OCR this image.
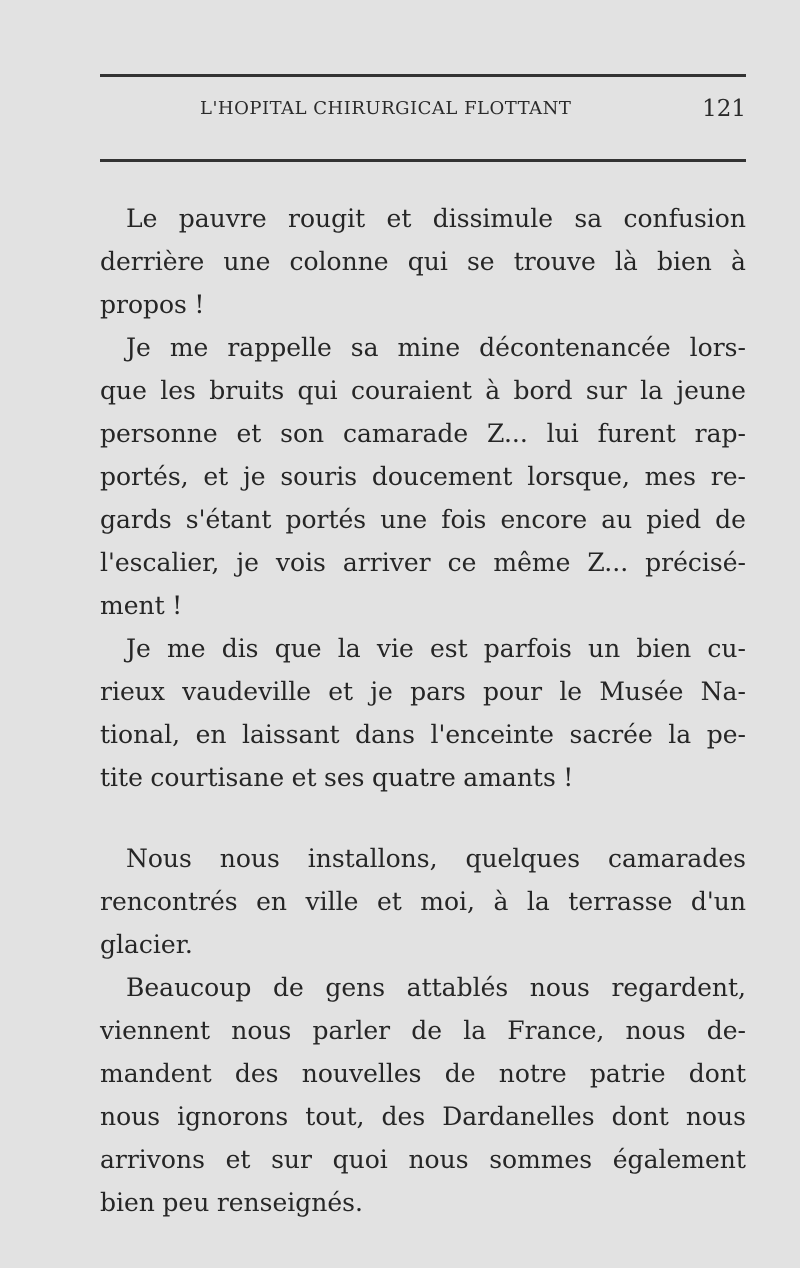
L'HOPITAL CHIRURGICAL FLOTTANT	121
Le pauvre rougit et dissimule sa confusion
derrière une colonne qui se trouve là bien à
propos !
Je me rappelle sa mine décontenancée lors-
que les bruits qui couraient à bord sur la jeune
personne et son camarade Z... lui furent rap-
portés, et je souris doucement lorsque, mes re-
gards s'étant portés une fois encore au pied de
l'escalier, je vois arriver ce même Z... précisé-
ment !
Je me dis que la vie est parfois un bien cu-
rieux vaudeville et je pars pour le Musée Na-
tional, en laissant dans l'enceinte sacrée la pe-
tite courtisane et ses quatre amants !
Nous nous installons, quelques camarades
rencontrés en ville et moi, à la terrasse d'un
glacier.
Beaucoup de gens attablés nous regardent,
viennent nous parler de la France, nous de-
mandent des nouvelles de notre patrie dont
nous ignorons tout, des Dardanelles dont nous
arrivons et sur quoi nous sommes également
bien peu renseignés.
